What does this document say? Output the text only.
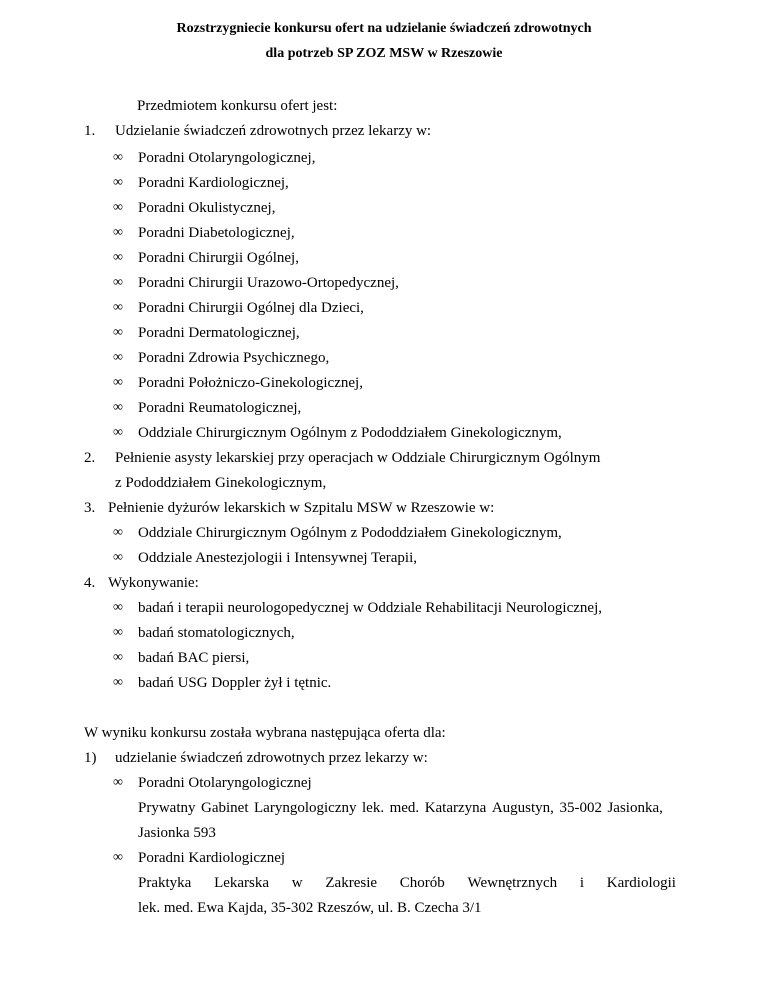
Rozstrzygniecie konkursu ofert na udzielanie świadczeń zdrowotnych
dla potrzeb SP ZOZ MSW w Rzeszowie
Przedmiotem konkursu ofert jest:
1. Udzielanie świadczeń zdrowotnych przez lekarzy w:
∞ Poradni Otolaryngologicznej,
∞ Poradni Kardiologicznej,
∞ Poradni Okulistycznej,
∞ Poradni Diabetologicznej,
∞ Poradni Chirurgii Ogólnej,
∞ Poradni Chirurgii Urazowo-Ortopedycznej,
∞ Poradni Chirurgii Ogólnej dla Dzieci,
∞ Poradni Dermatologicznej,
∞ Poradni Zdrowia Psychicznego,
∞ Poradni Położniczo-Ginekologicznej,
∞ Poradni Reumatologicznej,
∞ Oddziale Chirurgicznym Ogólnym z Pododdziałem Ginekologicznym,
2. Pełnienie asysty lekarskiej przy operacjach w Oddziale Chirurgicznym Ogólnym
z Pododdziałem Ginekologicznym,
3. Pełnienie dyżurów lekarskich w Szpitalu MSW w Rzeszowie w:
∞ Oddziale Chirurgicznym Ogólnym z Pododdziałem Ginekologicznym,
∞ Oddziale Anestezjologii i Intensywnej Terapii,
4. Wykonywanie:
∞ badań i terapii neurologopedycznej w Oddziale Rehabilitacji Neurologicznej,
∞ badań stomatologicznych,
∞ badań BAC piersi,
∞ badań USG Doppler żył i tętnic.
W wyniku konkursu została wybrana następująca oferta dla:
1) udzielanie świadczeń zdrowotnych przez lekarzy w:
∞ Poradni Otolaryngologicznej
Prywatny Gabinet Laryngologiczny lek. med. Katarzyna Augustyn, 35-002 Jasionka,
Jasionka 593
∞ Poradni Kardiologicznej
Praktyka Lekarska w Zakresie Chorób Wewnętrznych i Kardiologii
lek. med. Ewa Kajda, 35-302 Rzeszów, ul. B. Czecha 3/1
